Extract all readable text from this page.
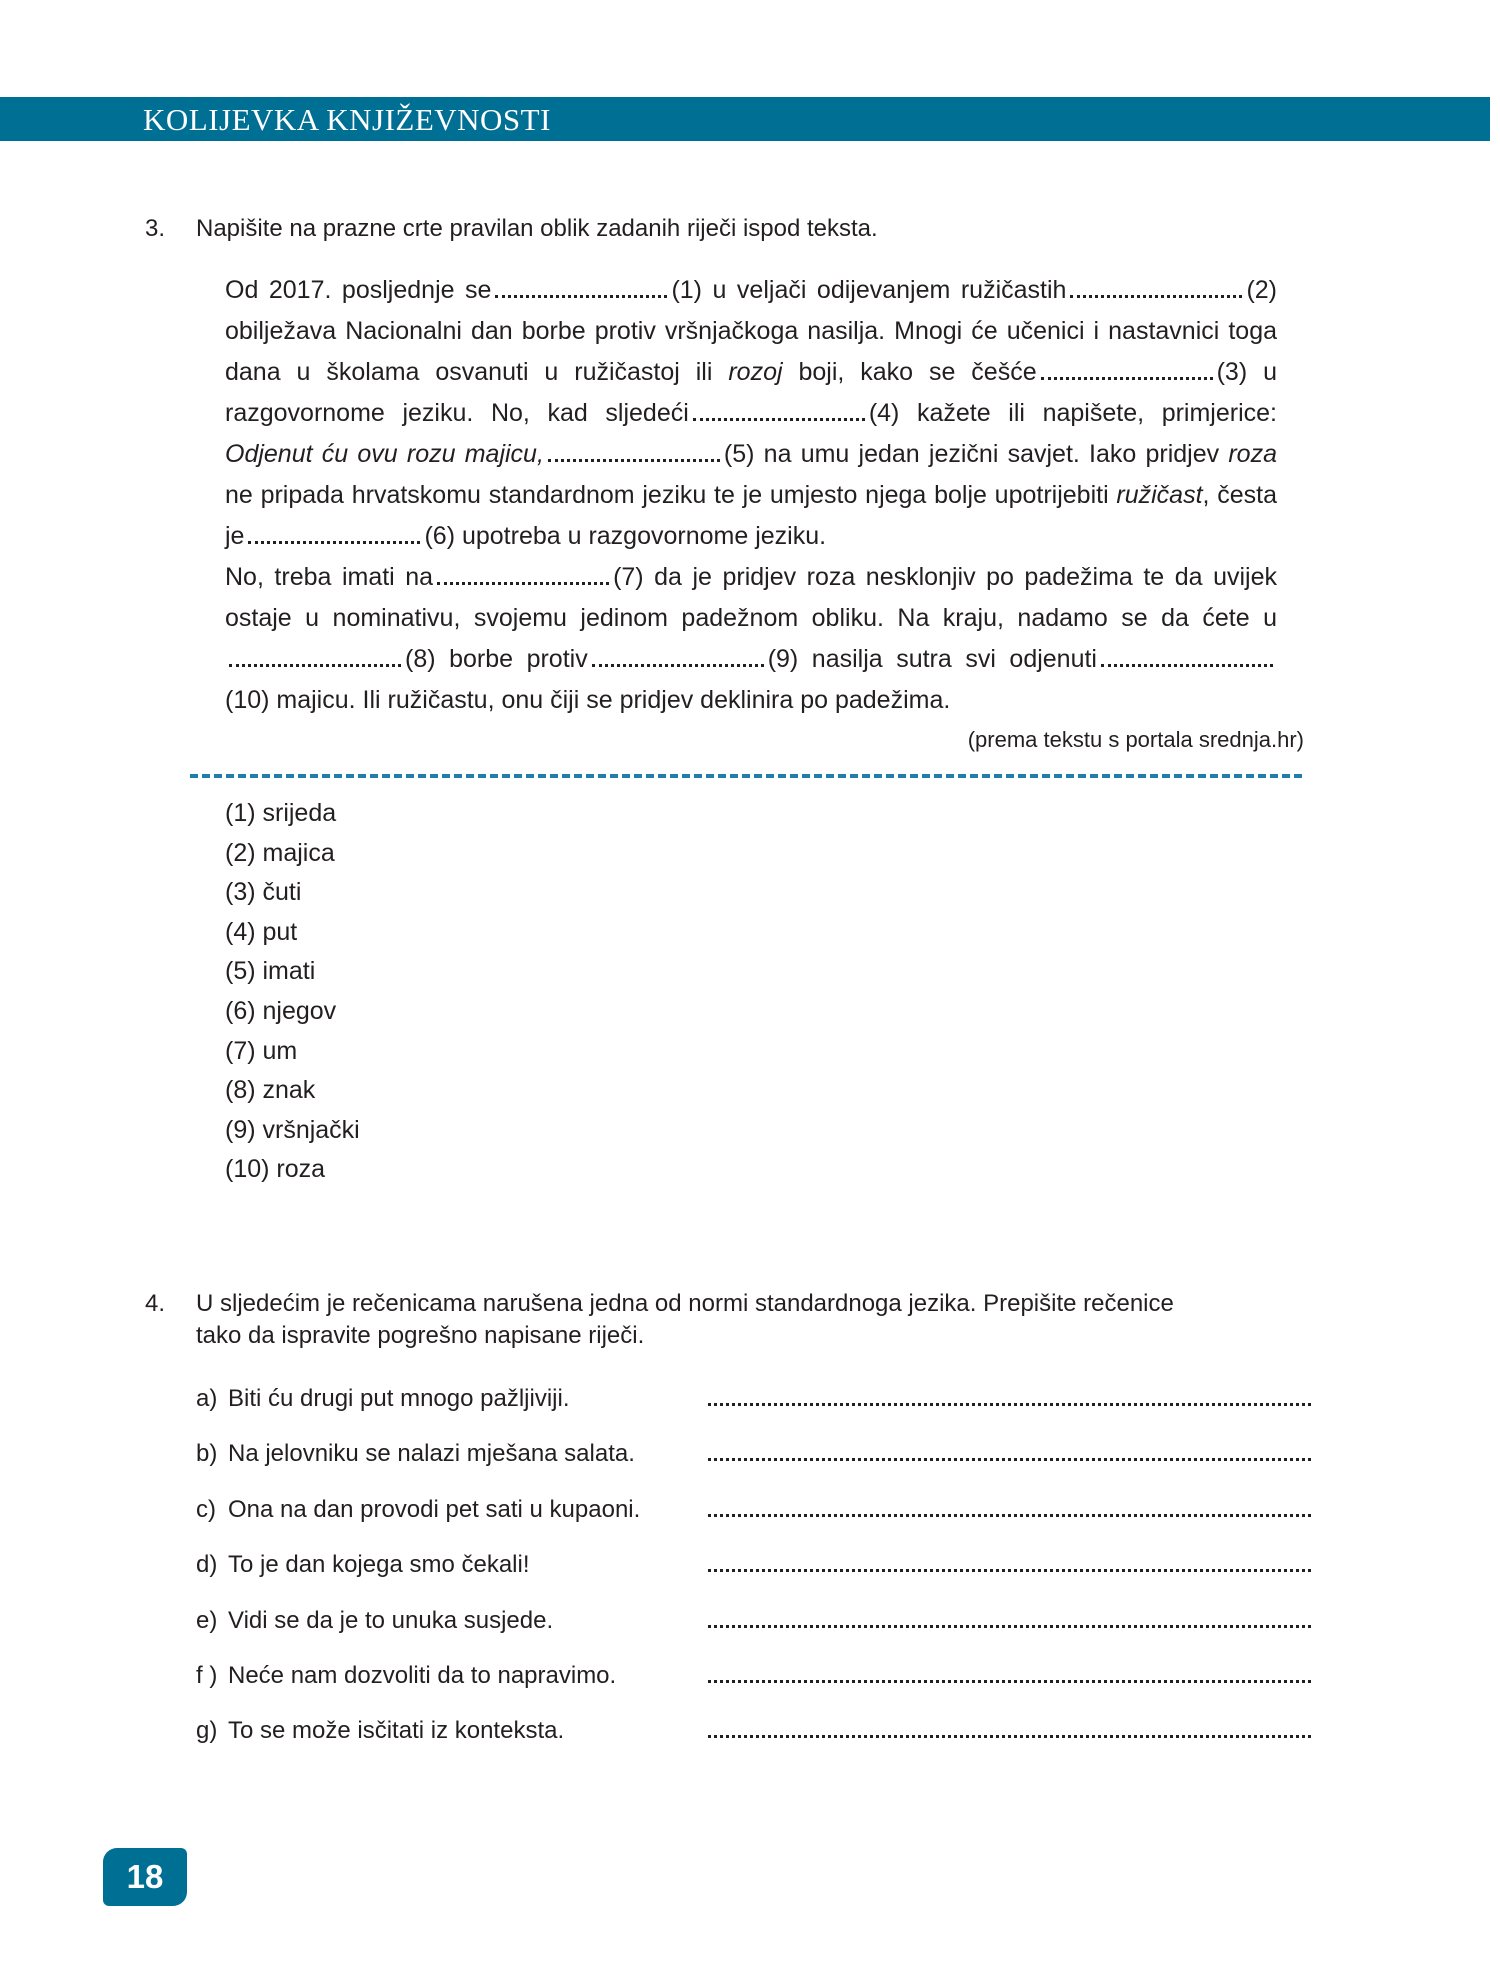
KOLIJEVKA KNJIŽEVNOSTI
3. Napišite na prazne crte pravilan oblik zadanih riječi ispod teksta.

Od 2017. posljednje se	(1) u veljači odijevanjem ružičastih	(2) obilježava Nacionalni dan borbe protiv vršnjačkoga nasilja. Mnogi će učenici i nastavnici toga dana u školama osvanuti u ružičastoj ili rozoj boji, kako se češće	(3) u razgovornome jeziku. No, kad sljedeći	(4) kažete ili napišete, primjerice: Odjenut ću ovu rozu majicu,	(5) na umu jedan jezični savjet. Iako pridjev roza ne pripada hrvatskomu standardnom jeziku te je umjesto njega bolje upotrijebiti ružičast, česta je	(6) upotreba u razgovornome jeziku.

No, treba imati na	(7) da je pridjev roza nesklonjiv po padežima te da uvijek ostaje u nominativu, svojemu jedinom padežnom obliku. Na kraju, nadamo se da ćete u(8) borbe protiv	(9) nasilja sutra svi odjenuti(10) majicu. Ili ružičastu, onu čiji se pridjev deklinira po padežima.

(prema tekstu s portala srednja.hr)
(1) srijeda
(2) majica
(3) čuti
(4) put
(5) imati
(6) njegov
(7) um
(8) znak
(9) vršnjački
(10) roza
4. U sljedećim je rečenicama narušena jedna od normi standardnoga jezika. Prepišite rečenice
tako da ispravite pogrešno napisane riječi.
a) Biti ću drugi put mnogo pažljiviji.
b) Na jelovniku se nalazi mješana salata.
c) Ona na dan provodi pet sati u kupaoni.
d) To je dan kojega smo čekali!
e) Vidi se da je to unuka susjede.
f ) Neće nam dozvoliti da to napravimo.
g) To se može isčitati iz konteksta.
18
